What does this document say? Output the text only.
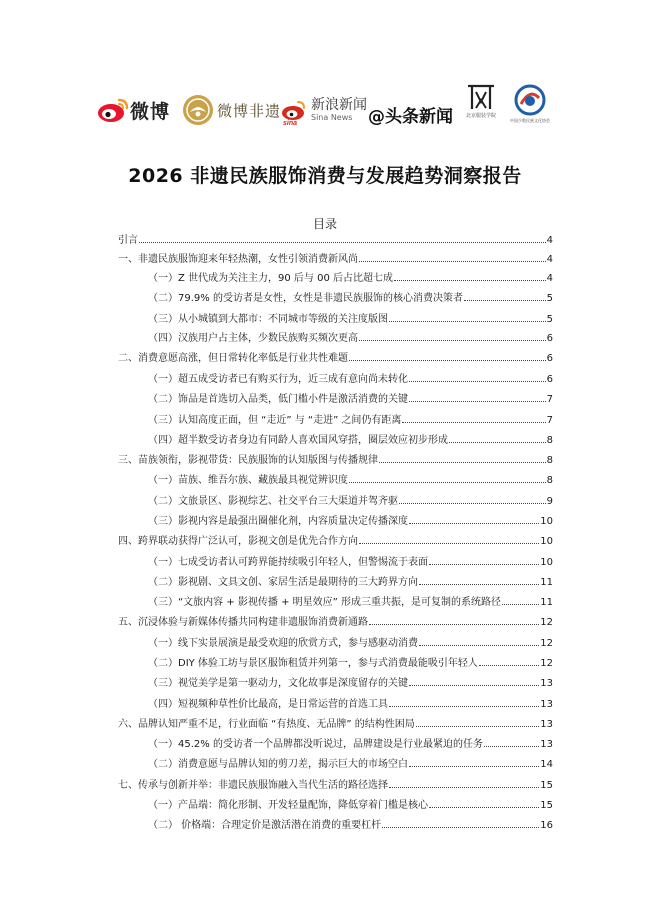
微博	微博非遗
sina
新浪新闻
Sina News @头条新闻	北京服装学院
中国少数民族文化协会
2026 非遗民族服饰消费与发展趋势洞察报告
目录
引言	4
一、非遗民族服饰迎来年轻热潮，女性引领消费新风尚	4
（一）Z 世代成为关注主力，90 后与 00 后占比超七成	4
（二）79.9% 的受访者是女性，女性是非遗民族服饰的核心消费决策者	5
（三）从小城镇到大都市：不同城市等级的关注度版图	5
（四）汉族用户占主体，少数民族购买频次更高	6
二、消费意愿高涨，但日常转化率低是行业共性难题	6
（一）超五成受访者已有购买行为，近三成有意向尚未转化	6
（二）饰品是首选切入品类，低门槛小件是激活消费的关键	7
（三）认知高度正面，但 “走近” 与 “走进” 之间仍有距离	7
（四）超半数受访者身边有同龄人喜欢国风穿搭，圈层效应初步形成	8
三、苗族领衔，影视带货：民族服饰的认知版图与传播规律	8
（一）苗族、维吾尔族、藏族最具视觉辨识度	8
（二）文旅景区、影视综艺、社交平台三大渠道并驾齐驱	9
（三）影视内容是最强出圈催化剂，内容质量决定传播深度	10
四、跨界联动获得广泛认可，影视文创是优先合作方向	10
（一）七成受访者认可跨界能持续吸引年轻人，但警惕流于表面	10
（二）影视剧、文具文创、家居生活是最期待的三大跨界方向	11
（三）“文旅内容 + 影视传播 + 明星效应” 形成三重共振，是可复制的系统路径	11
五、沉浸体验与新媒体传播共同构建非遗服饰消费新通路	12
（一）线下实景展演是最受欢迎的欣赏方式，参与感驱动消费	12
（二）DIY 体验工坊与景区服饰租赁并列第一，参与式消费最能吸引年轻人	12
（三）视觉美学是第一驱动力，文化故事是深度留存的关键	13
（四）短视频种草性价比最高，是日常运营的首选工具	13
六、品牌认知严重不足，行业面临 “有热度、无品牌” 的结构性困局	13
（一）45.2% 的受访者一个品牌都没听说过，品牌建设是行业最紧迫的任务	13
（二）消费意愿与品牌认知的剪刀差，揭示巨大的市场空白	14
七、传承与创新并举：非遗民族服饰融入当代生活的路径选择	15
（一）产品端：简化形制、开发轻量配饰，降低穿着门槛是核心	15
（二） 价格端：合理定价是激活潜在消费的重要杠杆	16
